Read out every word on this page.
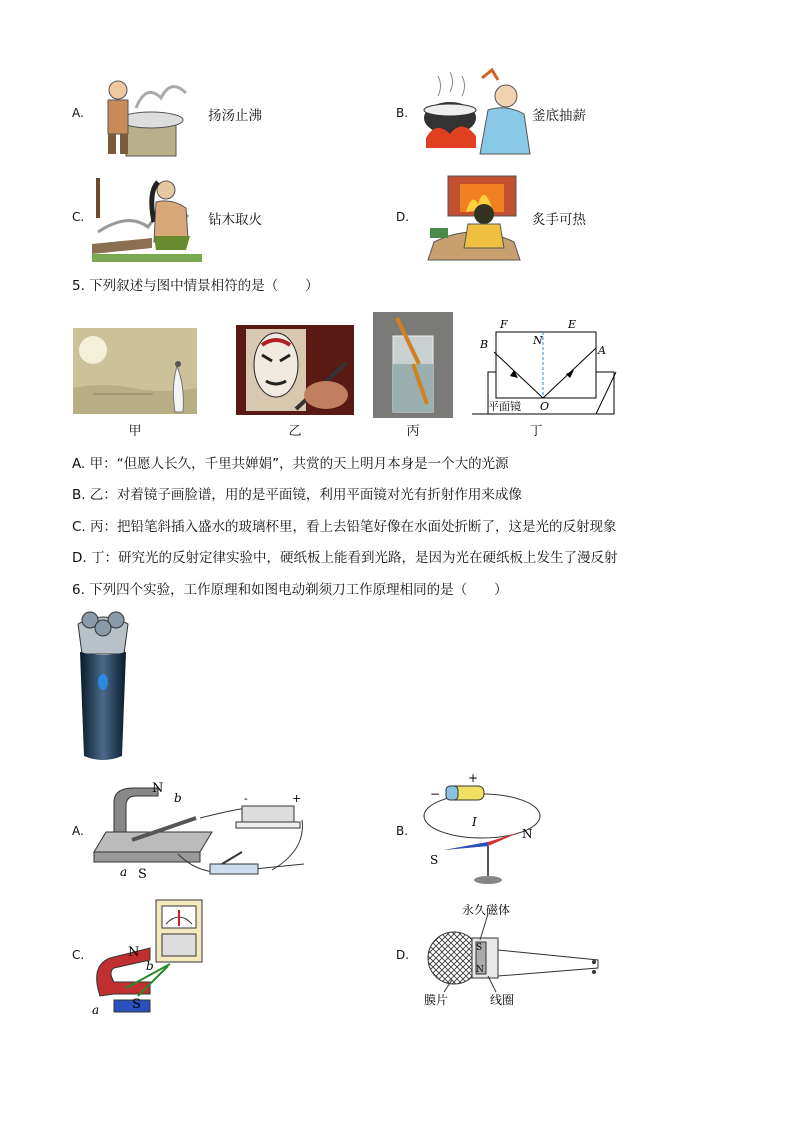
A.	扬汤止沸	B.	釜底抽薪
C.	钻木取火	D.	炙手可热
5. 下列叙述与图中情景相符的是（　　）
甲	乙	丙
F	E
N
B	A
O
平面镜
丁
A. 甲：“但愿人长久，千里共婵娟”，共赏的天上明月本身是一个大的光源
B. 乙：对着镜子画脸谱，用的是平面镜，利用平面镜对光有折射作用来成像
C. 丙：把铅笔斜插入盛水的玻璃杯里，看上去铅笔好像在水面处折断了，这是光的反射现象
D. 丁：研究光的反射定律实验中，硬纸板上能看到光路，是因为光在硬纸板上发生了漫反射
6. 下列四个实验，工作原理和如图电动剃须刀工作原理相同的是（　　）
A.
N
b
a S
-	+
B.
−
+
I
N
S
C.	N
b
a	S
D.
永久磁体
膜片	线圈
S
N
